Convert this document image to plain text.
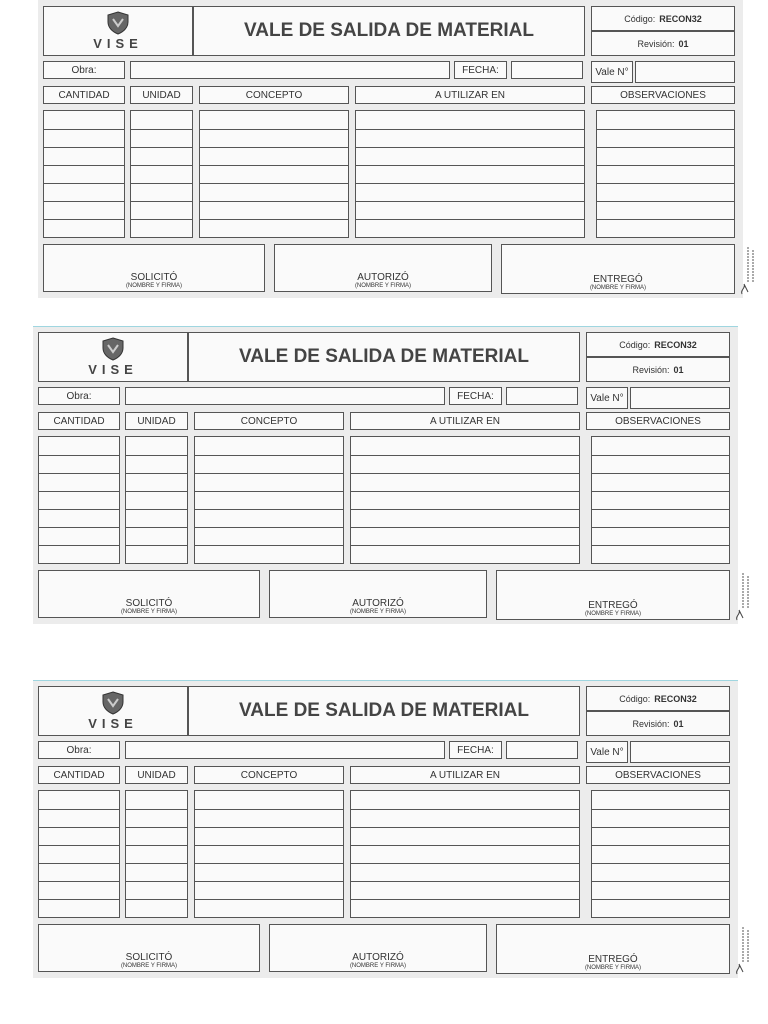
VISE
VALE DE SALIDA DE MATERIAL
Código: RECON32
Revisión: 01
Obra:	FECHA:	Vale N°
CANTIDAD	UNIDAD	CONCEPTO	A UTILIZAR EN	OBSERVACIONES
SOLICITÓ
(NOMBRE Y FIRMA)
AUTORIZÓ
(NOMBRE Y FIRMA)
ENTREGÓ
(NOMBRE Y FIRMA)
VISE
VALE DE SALIDA DE MATERIAL
Código: RECON32
Revisión: 01
Obra:	FECHA:	Vale N°
CANTIDAD	UNIDAD	CONCEPTO	A UTILIZAR EN	OBSERVACIONES
SOLICITÓ
(NOMBRE Y FIRMA)
AUTORIZÓ
(NOMBRE Y FIRMA)
ENTREGÓ
(NOMBRE Y FIRMA)
VISE
VALE DE SALIDA DE MATERIAL
Código: RECON32
Revisión: 01
Obra:	FECHA:	Vale N°
CANTIDAD	UNIDAD	CONCEPTO	A UTILIZAR EN	OBSERVACIONES
SOLICITÓ
(NOMBRE Y FIRMA)
AUTORIZÓ
(NOMBRE Y FIRMA)
ENTREGÓ
(NOMBRE Y FIRMA)
